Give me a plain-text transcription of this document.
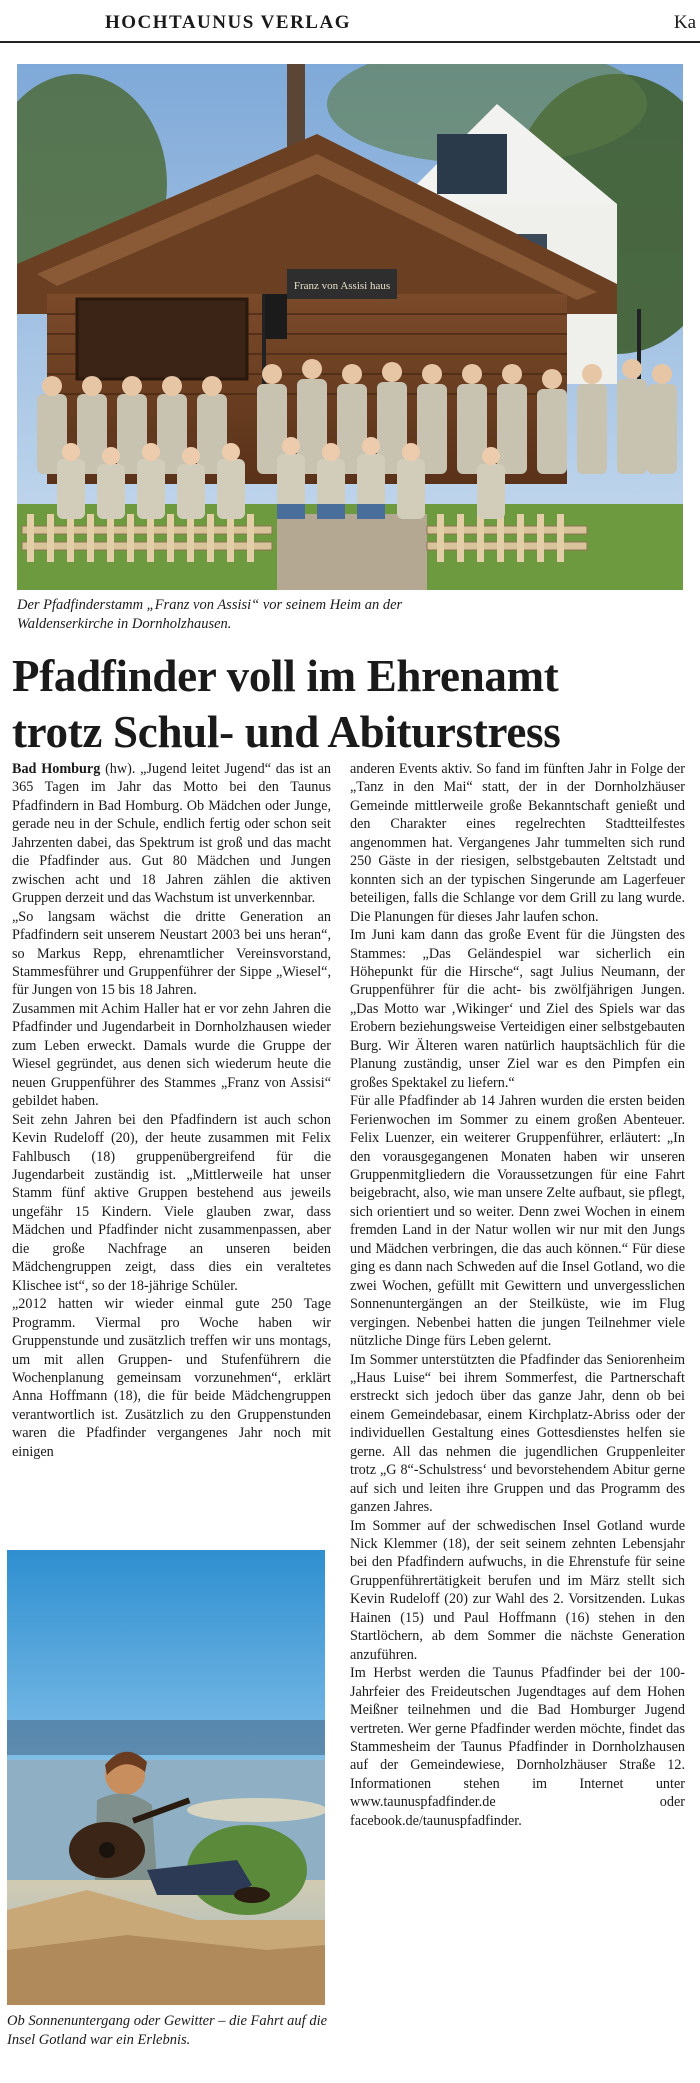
HOCHTAUNUS VERLAG	Ka
Franz von Assisi haus
Der Pfadfinderstamm „Franz von Assisi“ vor seinem Heim an der Waldenserkirche in Dornholzhausen.
Pfadfinder voll im Ehrenamt
trotz Schul- und Abiturstress

Bad Homburg (hw). „Jugend leitet Jugend“ das ist an 365 Tagen im Jahr das Motto bei den Taunus Pfadfindern in Bad Homburg. Ob Mädchen oder Junge, gerade neu in der Schule, endlich fertig oder schon seit Jahrzenten dabei, das Spektrum ist groß und das macht die Pfadfinder aus. Gut 80 Mädchen und Jungen zwischen acht und 18 Jahren zählen die aktiven Gruppen derzeit und das Wachstum ist unverkennbar.

„So langsam wächst die dritte Generation an Pfadfindern seit unserem Neustart 2003 bei uns heran“, so Markus Repp, ehrenamtlicher Vereinsvorstand, Stammesführer und Gruppenführer der Sippe „Wiesel“, für Jungen von 15 bis 18 Jahren.

Zusammen mit Achim Haller hat er vor zehn Jahren die Pfadfinder und Jugendarbeit in Dornholzhausen wieder zum Leben erweckt. Damals wurde die Gruppe der Wiesel gegründet, aus denen sich wiederum heute die neuen Gruppenführer des Stammes „Franz von Assisi“ gebildet haben.

Seit zehn Jahren bei den Pfadfindern ist auch schon Kevin Rudeloff (20), der heute zusammen mit Felix Fahlbusch (18) gruppenübergreifend für die Jugendarbeit zuständig ist. „Mittlerweile hat unser Stamm fünf aktive Gruppen bestehend aus jeweils ungefähr 15 Kindern. Viele glauben zwar, dass Mädchen und Pfadfinder nicht zusammenpassen, aber die große Nachfrage an unseren beiden Mädchengruppen zeigt, dass dies ein veraltetes Klischee ist“, so der 18-jährige Schüler.

„2012 hatten wir wieder einmal gute 250 Tage Programm. Viermal pro Woche haben wir Gruppenstunde und zusätzlich treffen wir uns montags, um mit allen Gruppen- und Stufenführern die Wochenplanung gemeinsam vorzunehmen“, erklärt Anna Hoffmann (18), die für beide Mädchengruppen verantwortlich ist. Zusätzlich zu den Gruppenstunden waren die Pfadfinder vergangenes Jahr noch mit einigen

anderen Events aktiv. So fand im fünften Jahr in Folge der „Tanz in den Mai“ statt, der in der Dornholzhäuser Gemeinde mittlerweile große Bekanntschaft genießt und den Charakter eines regelrechten Stadtteilfestes angenommen hat. Vergangenes Jahr tummelten sich rund 250 Gäste in der riesigen, selbstgebauten Zeltstadt und konnten sich an der typischen Singerunde am Lagerfeuer beteiligen, falls die Schlange vor dem Grill zu lang wurde. Die Planungen für dieses Jahr laufen schon.

Im Juni kam dann das große Event für die Jüngsten des Stammes: „Das Geländespiel war sicherlich ein Höhepunkt für die Hirsche“, sagt Julius Neumann, der Gruppenführer für die acht- bis zwölfjährigen Jungen. „Das Motto war ‚Wikinger‘ und Ziel des Spiels war das Erobern beziehungsweise Verteidigen einer selbstgebauten Burg. Wir Älteren waren natürlich hauptsächlich für die Planung zuständig, unser Ziel war es den Pimpfen ein großes Spektakel zu liefern.“

Für alle Pfadfinder ab 14 Jahren wurden die ersten beiden Ferienwochen im Sommer zu einem großen Abenteuer. Felix Luenzer, ein weiterer Gruppenführer, erläutert: „In den vorausgegangenen Monaten haben wir unseren Gruppenmitgliedern die Voraussetzungen für eine Fahrt beigebracht, also, wie man unsere Zelte aufbaut, sie pflegt, sich orientiert und so weiter. Denn zwei Wochen in einem fremden Land in der Natur wollen wir nur mit den Jungs und Mädchen verbringen, die das auch können.“ Für diese ging es dann nach Schweden auf die Insel Gotland, wo die zwei Wochen, gefüllt mit Gewittern und unvergesslichen Sonnenuntergängen an der Steilküste, wie im Flug vergingen. Nebenbei hatten die jungen Teilnehmer viele nützliche Dinge fürs Leben gelernt.

Im Sommer unterstützten die Pfadfinder das Seniorenheim „Haus Luise“ bei ihrem Sommerfest, die Partnerschaft erstreckt sich jedoch über das ganze Jahr, denn ob bei einem Gemeindebasar, einem Kirchplatz-Abriss oder der individuellen Gestaltung eines Gottesdienstes helfen sie gerne. All das nehmen die jugendlichen Gruppenleiter trotz „G 8“-Schulstress‘ und bevorstehendem Abitur gerne auf sich und leiten ihre Gruppen und das Programm des ganzen Jahres.

Im Sommer auf der schwedischen Insel Gotland wurde Nick Klemmer (18), der seit seinem zehnten Lebensjahr bei den Pfadfindern aufwuchs, in die Ehrenstufe für seine Gruppenführertätigkeit berufen und im März stellt sich Kevin Rudeloff (20) zur Wahl des 2. Vorsitzenden. Lukas Hainen (15) und Paul Hoffmann (16) stehen in den Startlöchern, ab dem Sommer die nächste Generation anzuführen.

Im Herbst werden die Taunus Pfadfinder bei der 100-Jahrfeier des Freideutschen Jugendtages auf dem Hohen Meißner teilnehmen und die Bad Homburger Jugend vertreten. Wer gerne Pfadfinder werden möchte, findet das Stammesheim der Taunus Pfadfinder in Dornholzhausen auf der Gemeindewiese, Dornholzhäuser Straße 12. Informationen stehen im Internet unter www.taunuspfadfinder.de oder facebook.de/taunuspfadfinder.

Ob Sonnenuntergang oder Gewitter – die Fahrt auf die Insel Gotland war ein Erlebnis.
